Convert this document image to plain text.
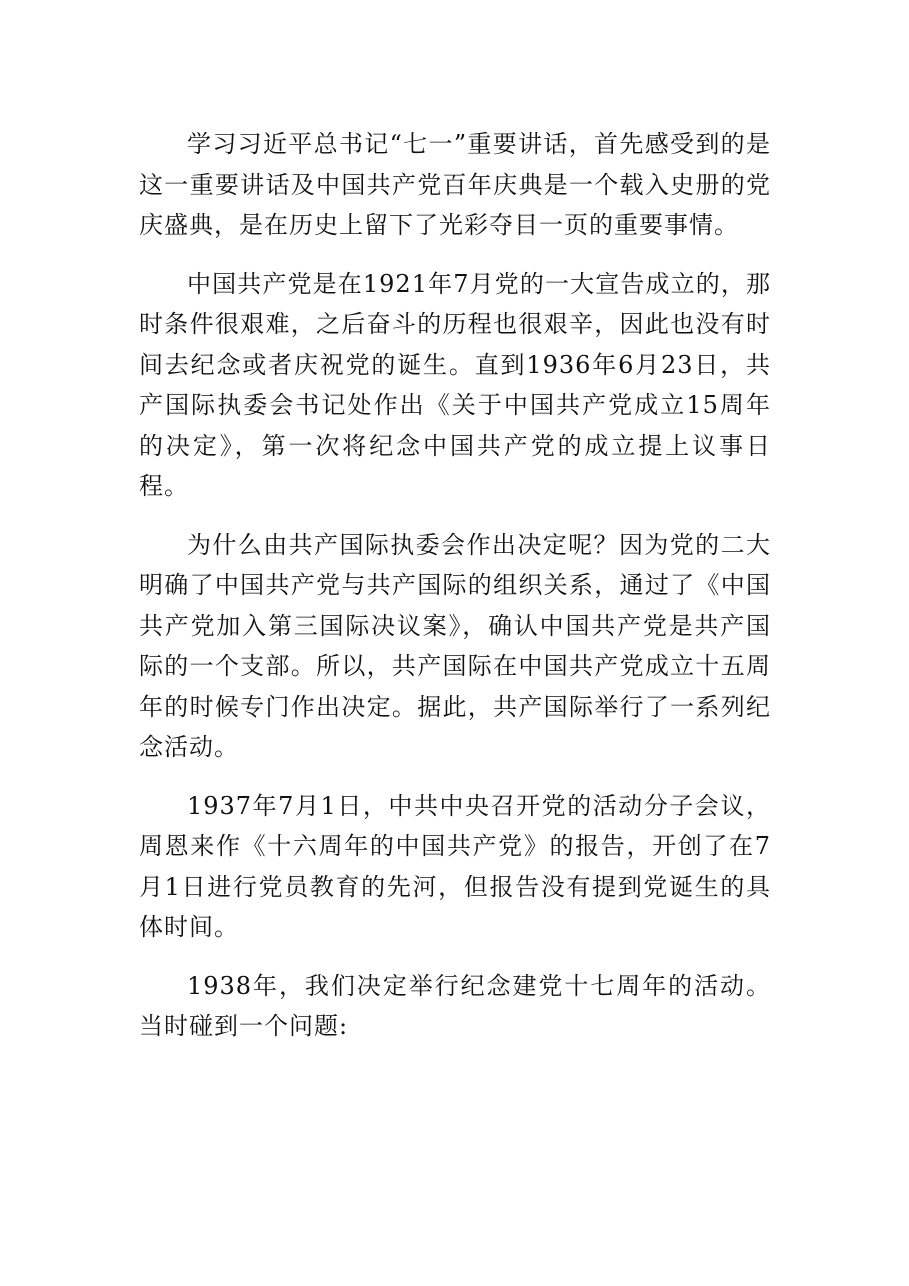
学习习近平总书记“七一”重要讲话，首先感受到的是这一重要讲话及中国共产党百年庆典是一个载入史册的党庆盛典，是在历史上留下了光彩夺目一页的重要事情。

中国共产党是在1921年7月党的一大宣告成立的，那时条件很艰难，之后奋斗的历程也很艰辛，因此也没有时间去纪念或者庆祝党的诞生。直到1936年6月23日，共产国际执委会书记处作出《关于中国共产党成立15周年的决定》，第一次将纪念中国共产党的成立提上议事日程。

为什么由共产国际执委会作出决定呢？因为党的二大明确了中国共产党与共产国际的组织关系，通过了《中国共产党加入第三国际决议案》，确认中国共产党是共产国际的一个支部。所以，共产国际在中国共产党成立十五周年的时候专门作出决定。据此，共产国际举行了一系列纪念活动。

1937年7月1日，中共中央召开党的活动分子会议，周恩来作《十六周年的中国共产党》的报告，开创了在7月1日进行党员教育的先河，但报告没有提到党诞生的具体时间。

1938年，我们决定举行纪念建党十七周年的活动。当时碰到一个问题:
